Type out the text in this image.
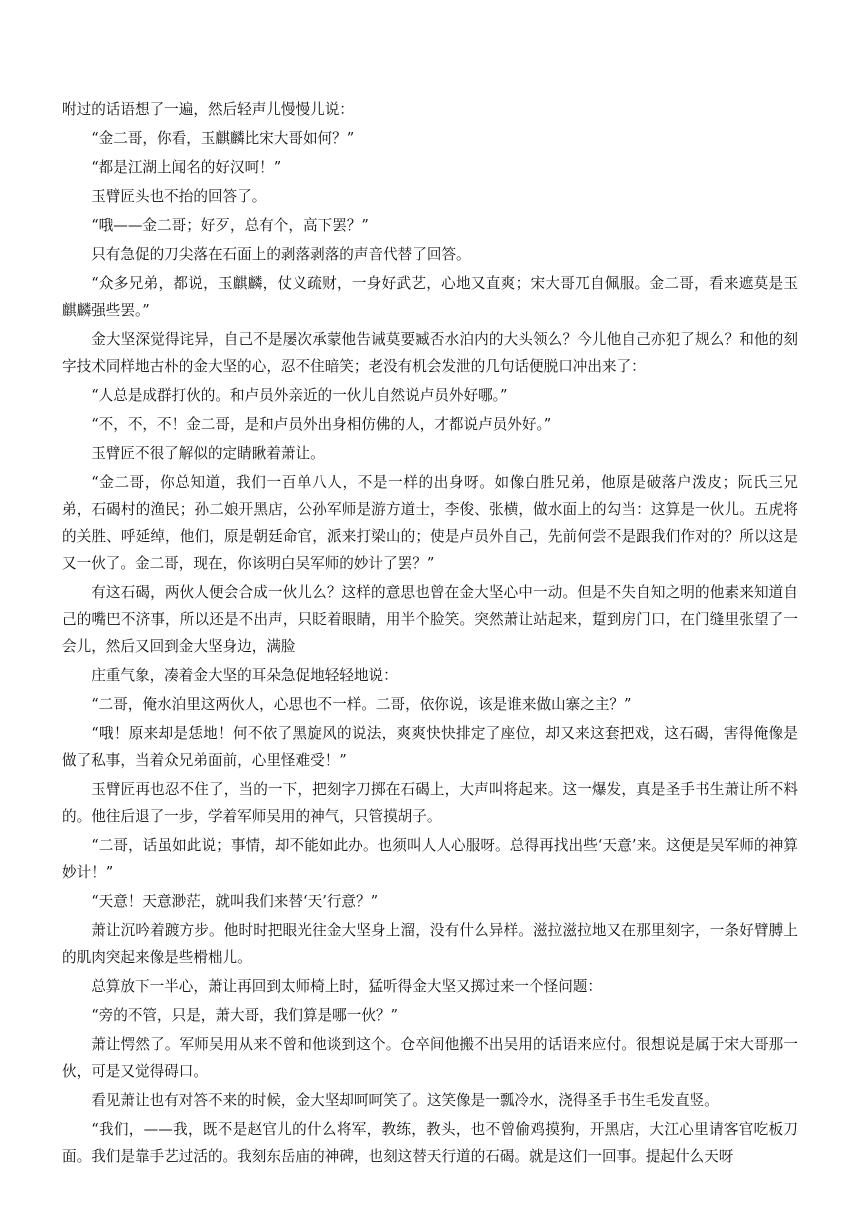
咐过的话语想了一遍，然后轻声儿慢慢儿说：

“金二哥，你看，玉麒麟比宋大哥如何？”

“都是江湖上闻名的好汉呵！”

玉臂匠头也不抬的回答了。

“哦——金二哥；好歹，总有个，高下罢？”

只有急促的刀尖落在石面上的剥落剥落的声音代替了回答。

“众多兄弟，都说，玉麒麟，仗义疏财，一身好武艺，心地又直爽；宋大哥兀自佩服。金二哥，看来遮莫是玉麒麟强些罢。”

金大坚深觉得诧异，自己不是屡次承蒙他告诫莫要臧否水泊内的大头领么？今儿他自己亦犯了规么？和他的刻字技术同样地古朴的金大坚的心，忍不住暗笑；老没有机会发泄的几句话便脱口冲出来了：

“人总是成群打伙的。和卢员外亲近的一伙儿自然说卢员外好哪。”

“不，不，不！金二哥，是和卢员外出身相仿佛的人，才都说卢员外好。”

玉臂匠不很了解似的定睛瞅着萧让。

“金二哥，你总知道，我们一百单八人，不是一样的出身呀。如像白胜兄弟，他原是破落户泼皮；阮氏三兄弟，石碣村的渔民；孙二娘开黑店，公孙军师是游方道士，李俊、张横，做水面上的勾当：这算是一伙儿。五虎将的关胜、呼延绰，他们，原是朝廷命官，派来打梁山的；使是卢员外自己，先前何尝不是跟我们作对的？所以这是又一伙了。金二哥，现在，你该明白吴军师的妙计了罢？”

有这石碣，两伙人便会合成一伙儿么？这样的意思也曾在金大坚心中一动。但是不失自知之明的他素来知道自己的嘴巴不济事，所以还是不出声，只眨着眼睛，用半个脸笑。突然萧让站起来，踅到房门口，在门缝里张望了一会儿，然后又回到金大坚身边，满脸

庄重气象，凑着金大坚的耳朵急促地轻轻地说：

“二哥，俺水泊里这两伙人，心思也不一样。二哥，依你说，该是谁来做山寨之主？”

“哦！原来却是恁地！何不依了黑旋风的说法，爽爽快快排定了座位，却又来这套把戏，这石碣，害得俺像是做了私事，当着众兄弟面前，心里怪难受！”

玉臂匠再也忍不住了，当的一下，把刻字刀掷在石碣上，大声叫将起来。这一爆发，真是圣手书生萧让所不料的。他往后退了一步，学着军师吴用的神气，只管摸胡子。

“二哥，话虽如此说；事情，却不能如此办。也须叫人人心服呀。总得再找出些‘天意’来。这便是吴军师的神算妙计！”

“天意！天意渺茫，就叫我们来替‘天’行意？”

萧让沉吟着踱方步。他时时把眼光往金大坚身上溜，没有什么异样。滋拉滋拉地又在那里刻字，一条好臂膊上的肌肉突起来像是些榾柮儿。

总算放下一半心，萧让再回到太师椅上时，猛听得金大坚又掷过来一个怪问题：

“旁的不管，只是，萧大哥，我们算是哪一伙？”

萧让愕然了。军师吴用从来不曾和他谈到这个。仓卒间他搬不出吴用的话语来应付。很想说是属于宋大哥那一伙，可是又觉得碍口。

看见萧让也有对答不来的时候，金大坚却呵呵笑了。这笑像是一瓢冷水，浇得圣手书生毛发直竖。

“我们，——我，既不是赵官儿的什么将军，教练，教头，也不曾偷鸡摸狗，开黑店，大江心里请客官吃板刀面。我们是靠手艺过活的。我刻东岳庙的神碑，也刻这替天行道的石碣。就是这们一回事。提起什么天呀
